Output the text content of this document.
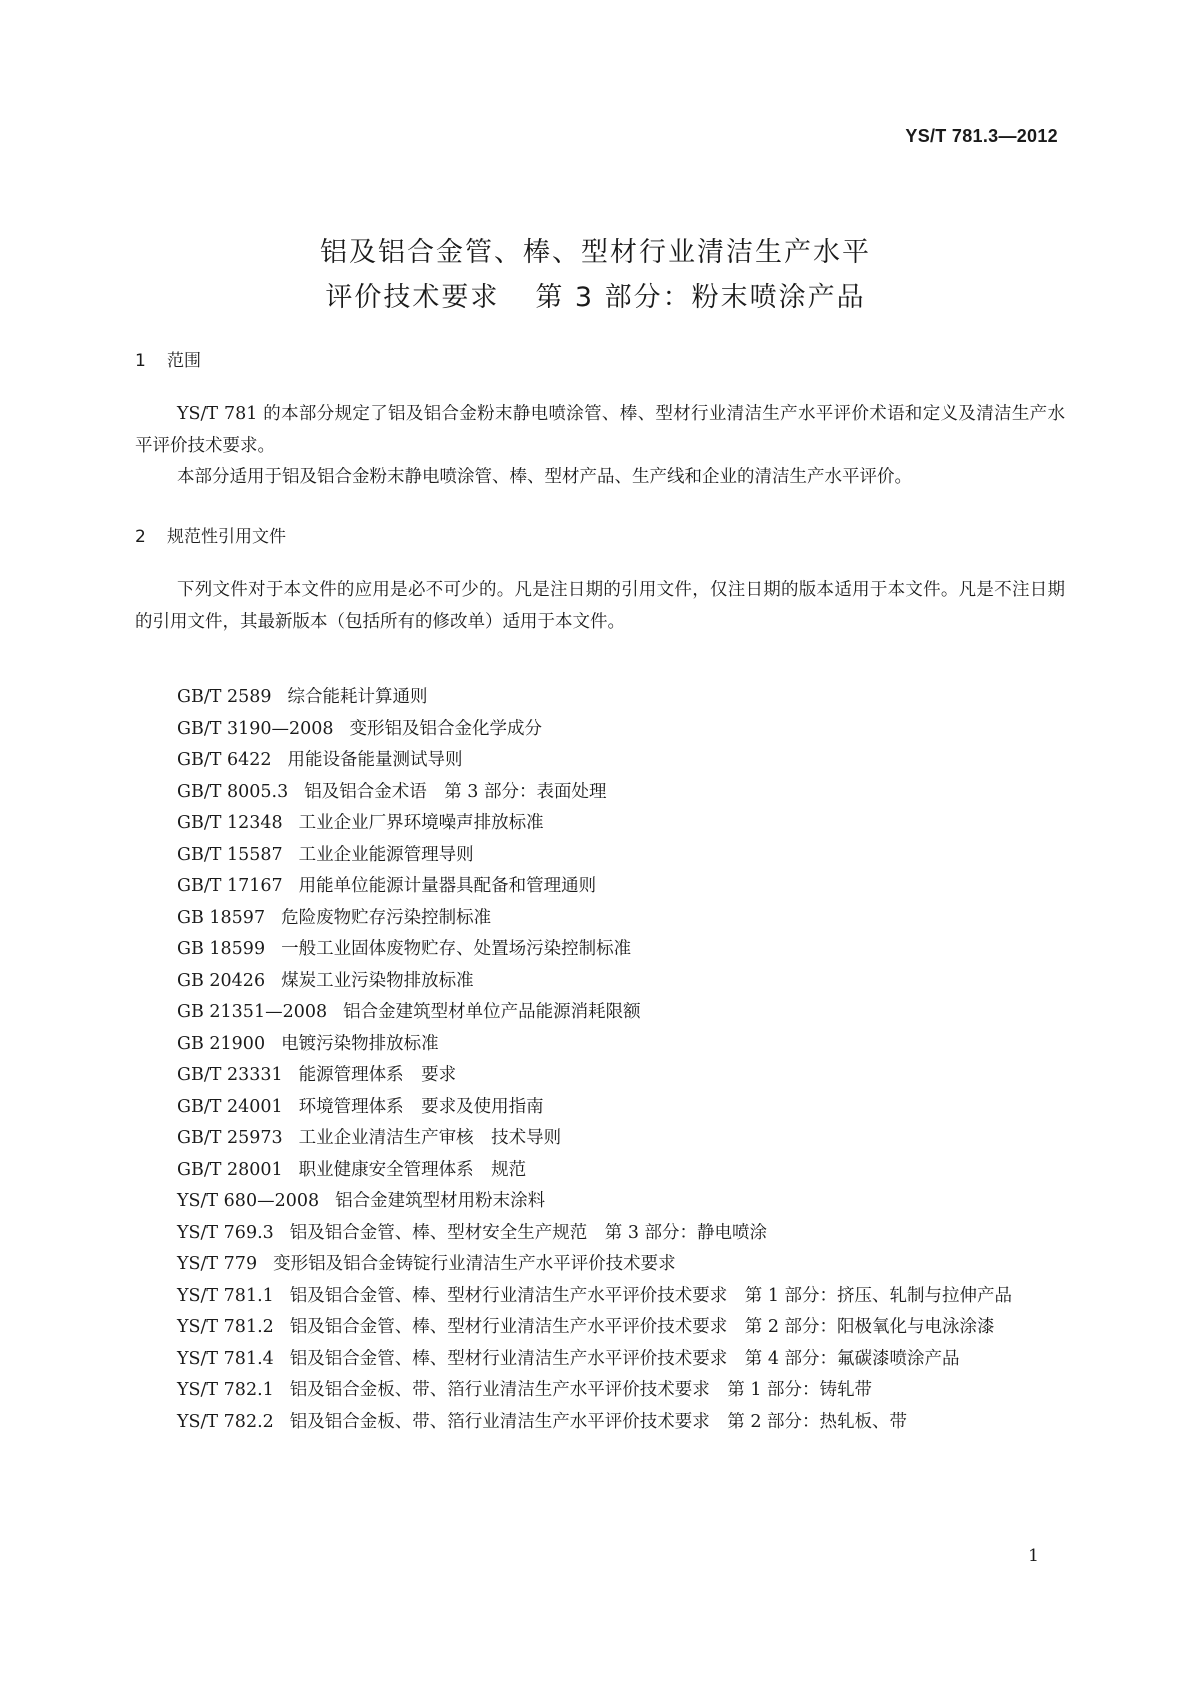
YS/T 781.3—2012
铝及铝合金管、棒、型材行业清洁生产水平
评价技术要求 第 3 部分：粉末喷涂产品
1 范围

YS/T 781 的本部分规定了铝及铝合金粉末静电喷涂管、棒、型材行业清洁生产水平评价术语和定义及清洁生产水平评价技术要求。

本部分适用于铝及铝合金粉末静电喷涂管、棒、型材产品、生产线和企业的清洁生产水平评价。

2 规范性引用文件

下列文件对于本文件的应用是必不可少的。凡是注日期的引用文件，仅注日期的版本适用于本文件。凡是不注日期的引用文件，其最新版本（包括所有的修改单）适用于本文件。

GB/T 2589 综合能耗计算通则
GB/T 3190—2008 变形铝及铝合金化学成分
GB/T 6422 用能设备能量测试导则
GB/T 8005.3 铝及铝合金术语　第 3 部分：表面处理
GB/T 12348 工业企业厂界环境噪声排放标准
GB/T 15587 工业企业能源管理导则
GB/T 17167 用能单位能源计量器具配备和管理通则
GB 18597 危险废物贮存污染控制标准
GB 18599 一般工业固体废物贮存、处置场污染控制标准
GB 20426 煤炭工业污染物排放标准
GB 21351—2008 铝合金建筑型材单位产品能源消耗限额
GB 21900 电镀污染物排放标准
GB/T 23331 能源管理体系　要求
GB/T 24001 环境管理体系　要求及使用指南
GB/T 25973 工业企业清洁生产审核　技术导则
GB/T 28001 职业健康安全管理体系　规范
YS/T 680—2008 铝合金建筑型材用粉末涂料
YS/T 769.3 铝及铝合金管、棒、型材安全生产规范　第 3 部分：静电喷涂
YS/T 779 变形铝及铝合金铸锭行业清洁生产水平评价技术要求
YS/T 781.1 铝及铝合金管、棒、型材行业清洁生产水平评价技术要求　第 1 部分：挤压、轧制与拉伸产品
YS/T 781.2 铝及铝合金管、棒、型材行业清洁生产水平评价技术要求　第 2 部分：阳极氧化与电泳涂漆
YS/T 781.4 铝及铝合金管、棒、型材行业清洁生产水平评价技术要求　第 4 部分：氟碳漆喷涂产品
YS/T 782.1 铝及铝合金板、带、箔行业清洁生产水平评价技术要求　第 1 部分：铸轧带
YS/T 782.2 铝及铝合金板、带、箔行业清洁生产水平评价技术要求　第 2 部分：热轧板、带
1
